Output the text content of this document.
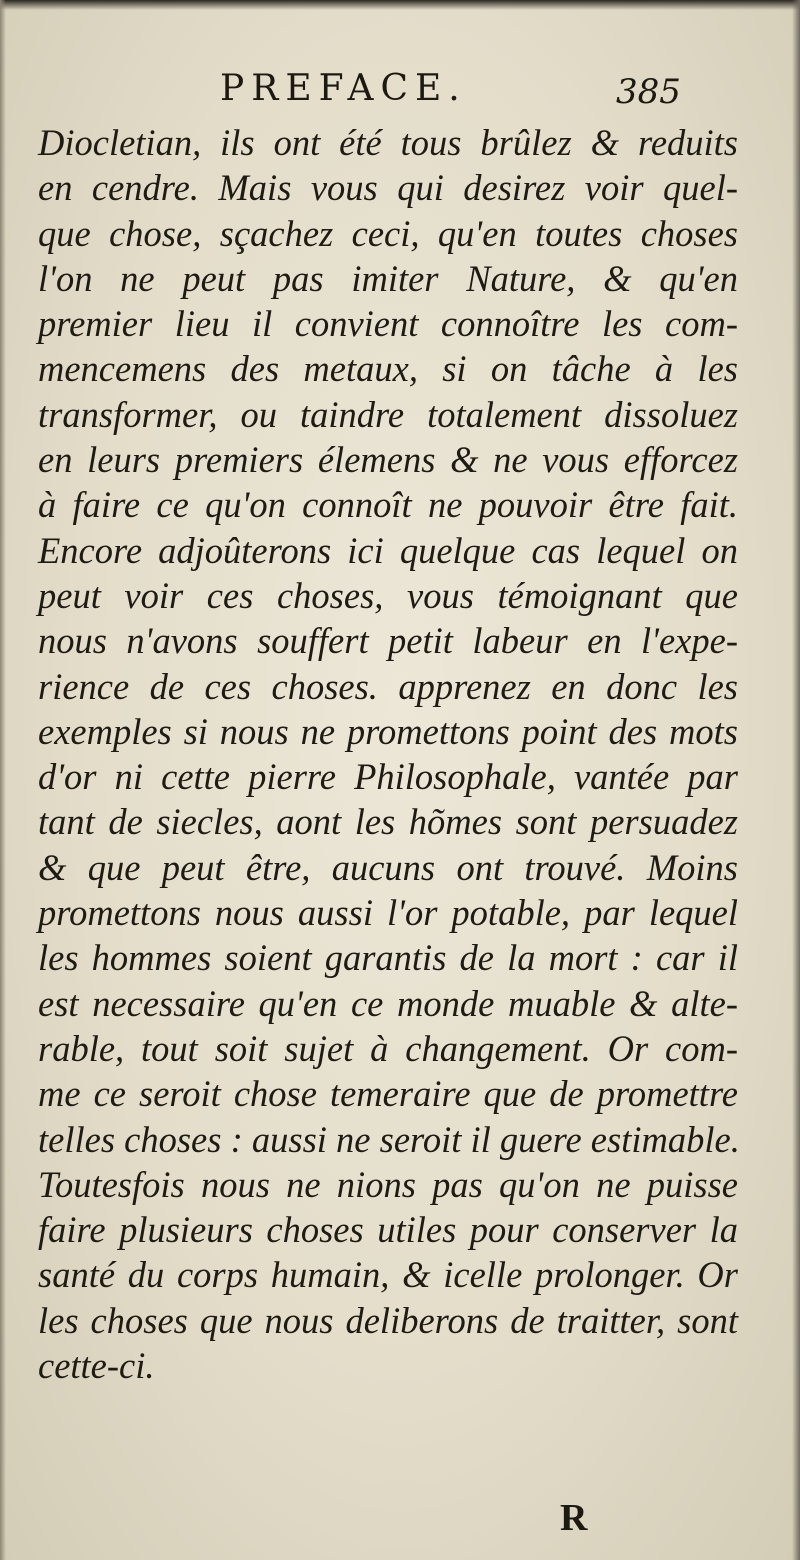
PREFACE.	385
Diocletian, ils ont été tous brûlez & reduits
en cendre. Mais vous qui desirez voir quel-
que chose, sçachez ceci, qu'en toutes choses
l'on ne peut pas imiter Nature, & qu'en
premier lieu il convient connoître les com-
mencemens des metaux, si on tâche à les
transformer, ou taindre totalement dissoluez
en leurs premiers élemens & ne vous efforcez
à faire ce qu'on connoît ne pouvoir être fait.
Encore adjoûterons ici quelque cas lequel on
peut voir ces choses, vous témoignant que
nous n'avons souffert petit labeur en l'expe-
rience de ces choses. apprenez en donc les
exemples si nous ne promettons point des mots
d'or ni cette pierre Philosophale, vantée par
tant de siecles, aont les hõmes sont persuadez
& que peut être, aucuns ont trouvé. Moins
promettons nous aussi l'or potable, par lequel
les hommes soient garantis de la mort : car il
est necessaire qu'en ce monde muable & alte-
rable, tout soit sujet à changement. Or com-
me ce seroit chose temeraire que de promettre
telles choses : aussi ne seroit il guere estimable.
Toutesfois nous ne nions pas qu'on ne puisse
faire plusieurs choses utiles pour conserver la
santé du corps humain, & icelle prolonger. Or
les choses que nous deliberons de traitter, sont
cette-ci.
R
